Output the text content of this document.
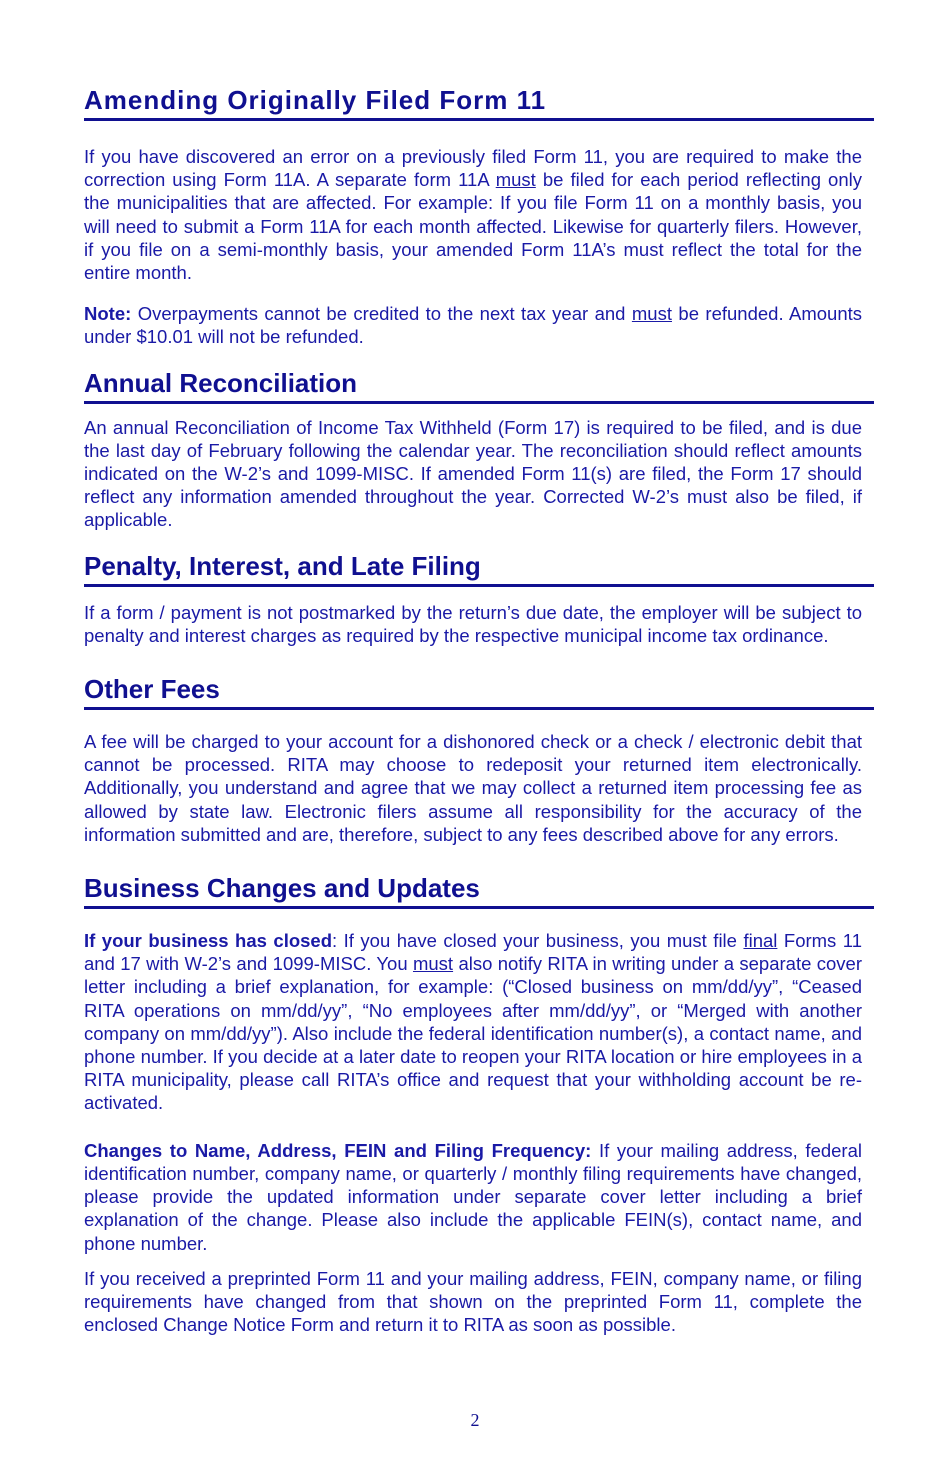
Amending Originally Filed Form 11

If you have discovered an error on a previously filed Form 11, you are required to make the correction using Form 11A. A separate form 11A must be filed for each period reflecting only the municipalities that are affected. For example: If you file Form 11 on a monthly basis, you will need to submit a Form 11A for each month affected. Likewise for quarterly filers. However, if you file on a semi-monthly basis, your amended Form 11A’s must reflect the total for the entire month.

Note: Overpayments cannot be credited to the next tax year and must be refunded. Amounts under $10.01 will not be refunded.

Annual Reconciliation

An annual Reconciliation of Income Tax Withheld (Form 17) is required to be filed, and is due the last day of February following the calendar year. The reconciliation should reflect amounts indicated on the W-2’s and 1099-MISC. If amended Form 11(s) are filed, the Form 17 should reflect any information amended throughout the year. Corrected W-2’s must also be filed, if applicable.

Penalty, Interest, and Late Filing

If a form / payment is not postmarked by the return’s due date, the employer will be subject to penalty and interest charges as required by the respective municipal income tax ordinance.

Other Fees

A fee will be charged to your account for a dishonored check or a check / electronic debit that cannot be processed. RITA may choose to redeposit your returned item electronically. Additionally, you understand and agree that we may collect a returned item processing fee as allowed by state law. Electronic filers assume all responsibility for the accuracy of the information submitted and are, therefore, subject to any fees described above for any errors.

Business Changes and Updates

If your business has closed: If you have closed your business, you must file final Forms 11 and 17 with W-2’s and 1099-MISC. You must also notify RITA in writing under a separate cover letter including a brief explanation, for example: (“Closed business on mm/dd/yy”, “Ceased RITA operations on mm/dd/yy”, “No employees after mm/dd/yy”, or “Merged with another company on mm/dd/yy”). Also include the federal identification number(s), a contact name, and phone number. If you decide at a later date to reopen your RITA location or hire employees in a RITA municipality, please call RITA’s office and request that your withholding account be re-activated.

Changes to Name, Address, FEIN and Filing Frequency: If your mailing address, federal identification number, company name, or quarterly / monthly filing requirements have changed, please provide the updated information under separate cover letter including a brief explanation of the change. Please also include the applicable FEIN(s), contact name, and phone number.

If you received a preprinted Form 11 and your mailing address, FEIN, company name, or filing requirements have changed from that shown on the preprinted Form 11, complete the enclosed Change Notice Form and return it to RITA as soon as possible.

2
